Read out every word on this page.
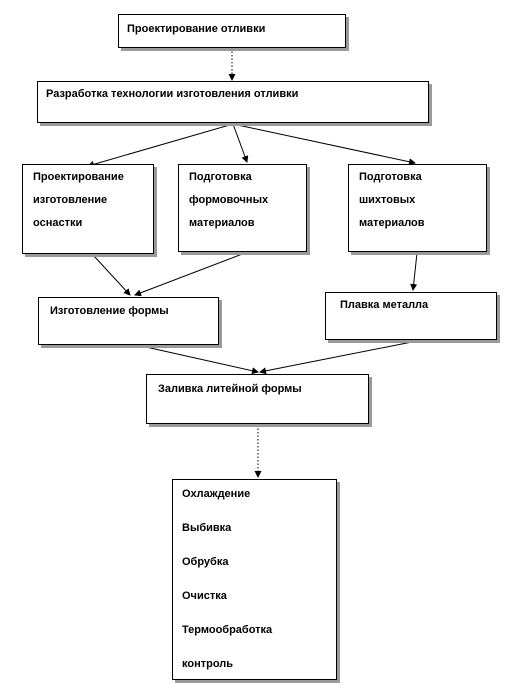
Проектирование отливки
Разработка технологии изготовления отливки
Проектирование
изготовление
оснастки
Подготовка
формовочных
материалов
Подготовка
шихтовых
материалов
Изготовление формы	Плавка металла
Заливка литейной формы
Охлаждение
Выбивка
Обрубка
Очистка
Термообработка
контроль
